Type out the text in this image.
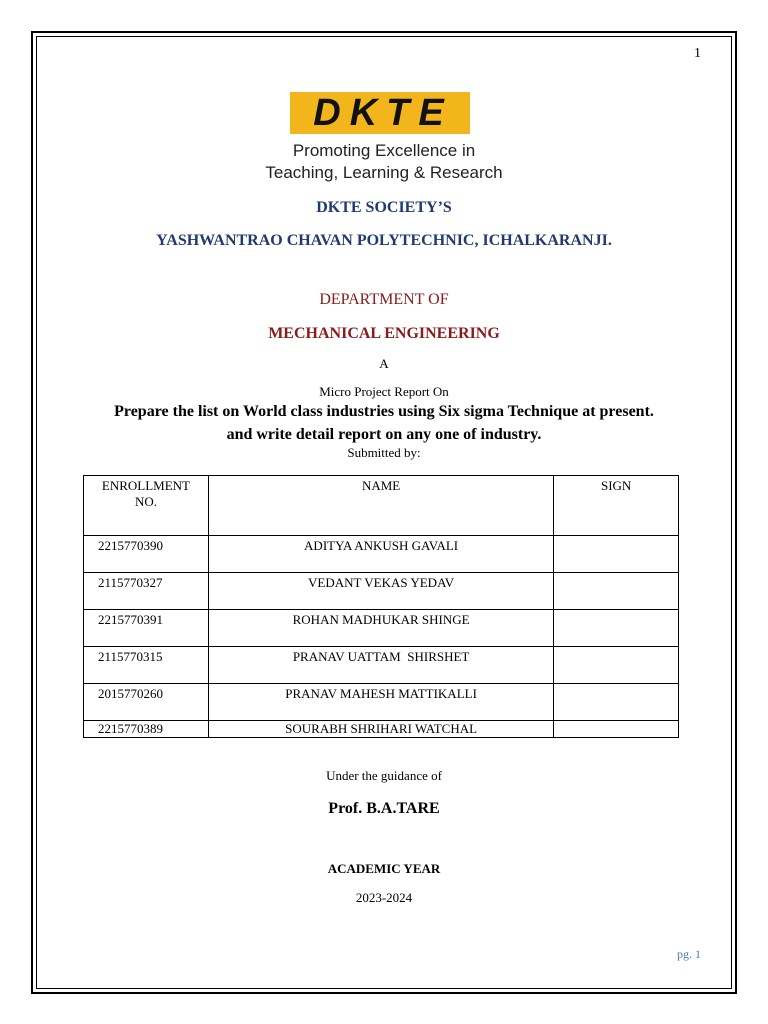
1
DKTE
Promoting Excellence in
Teaching, Learning & Research
DKTE SOCIETY’S
YASHWANTRAO CHAVAN POLYTECHNIC, ICHALKARANJI.
DEPARTMENT OF
MECHANICAL ENGINEERING
A
Micro Project Report On
Prepare the list on World class industries using Six sigma Technique at present.
and write detail report on any one of industry.
Submitted by:
ENROLLMENT NO.	NAME	SIGN
2215770390	ADITYA ANKUSH GAVALI	
2115770327	VEDANT VEKAS YEDAV	
2215770391	ROHAN MADHUKAR SHINGE	
2115770315	PRANAV UATTAM  SHIRSHET	
2015770260	PRANAV MAHESH MATTIKALLI	
2215770389	SOURABH SHRIHARI WATCHAL	
Under the guidance of
Prof. B.A.TARE
ACADEMIC YEAR
2023-2024
pg. 1
